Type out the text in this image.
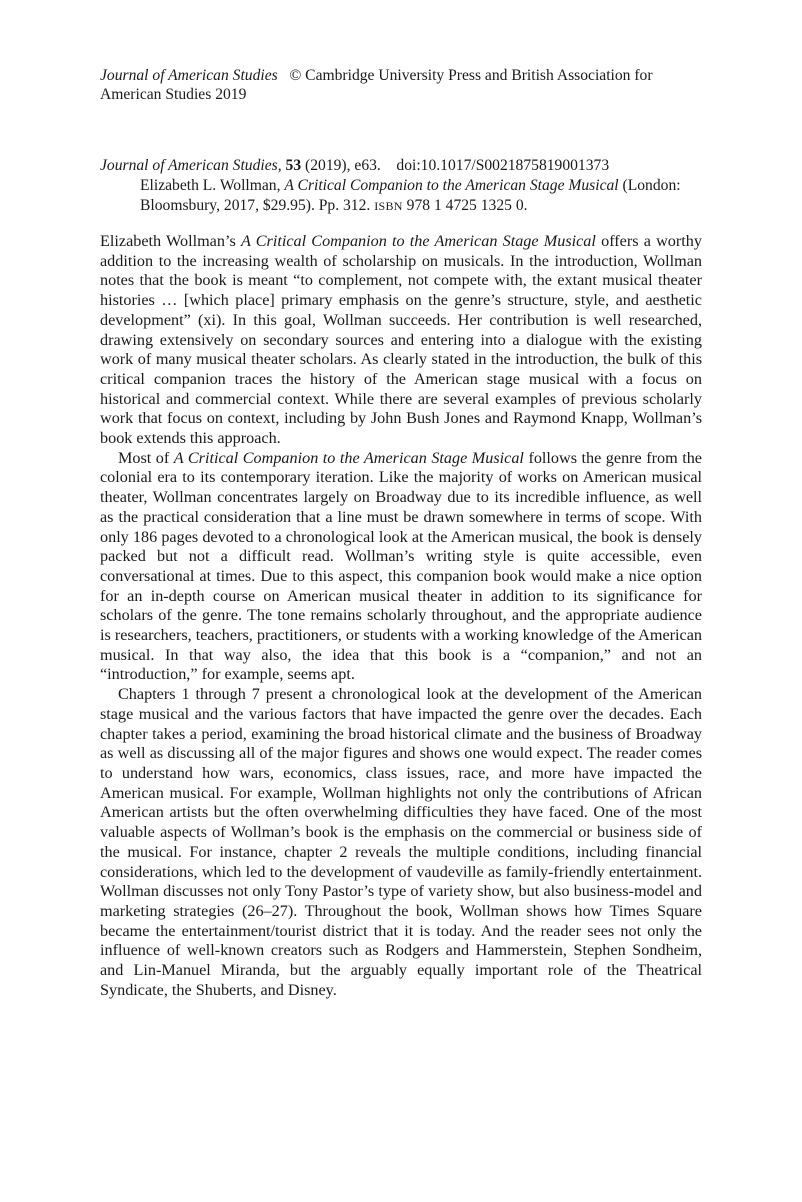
Journal of American Studies © Cambridge University Press and British Association for American Studies 2019

Journal of American Studies, 53 (2019), e63. doi:10.1017/S0021875819001373

Elizabeth L. Wollman, A Critical Companion to the American Stage Musical (London: Bloomsbury, 2017, $29.95). Pp. 312. ISBN 978 1 4725 1325 0.

Elizabeth Wollman’s A Critical Companion to the American Stage Musical offers a worthy addition to the increasing wealth of scholarship on musicals. In the introduction, Wollman notes that the book is meant “to complement, not compete with, the extant musical theater histories … [which place] primary emphasis on the genre’s structure, style, and aesthetic development” (xi). In this goal, Wollman succeeds. Her contribution is well researched, drawing extensively on secondary sources and entering into a dialogue with the existing work of many musical theater scholars. As clearly stated in the introduction, the bulk of this critical companion traces the history of the American stage musical with a focus on historical and commercial context. While there are several examples of previous scholarly work that focus on context, including by John Bush Jones and Raymond Knapp, Wollman’s book extends this approach.

Most of A Critical Companion to the American Stage Musical follows the genre from the colonial era to its contemporary iteration. Like the majority of works on American musical theater, Wollman concentrates largely on Broadway due to its incredible influence, as well as the practical consideration that a line must be drawn somewhere in terms of scope. With only 186 pages devoted to a chronological look at the American musical, the book is densely packed but not a difficult read. Wollman’s writing style is quite accessible, even conversational at times. Due to this aspect, this companion book would make a nice option for an in-depth course on American musical theater in addition to its significance for scholars of the genre. The tone remains scholarly throughout, and the appropriate audience is researchers, teachers, practitioners, or students with a working knowledge of the American musical. In that way also, the idea that this book is a “companion,” and not an “introduction,” for example, seems apt.

Chapters 1 through 7 present a chronological look at the development of the American stage musical and the various factors that have impacted the genre over the decades. Each chapter takes a period, examining the broad historical climate and the business of Broadway as well as discussing all of the major figures and shows one would expect. The reader comes to understand how wars, economics, class issues, race, and more have impacted the American musical. For example, Wollman highlights not only the contributions of African American artists but the often overwhelming difficulties they have faced. One of the most valuable aspects of Wollman’s book is the emphasis on the commercial or business side of the musical. For instance, chapter 2 reveals the multiple conditions, including financial considerations, which led to the development of vaudeville as family-friendly entertainment. Wollman discusses not only Tony Pastor’s type of variety show, but also business-model and marketing strategies (26–27). Throughout the book, Wollman shows how Times Square became the entertainment/tourist district that it is today. And the reader sees not only the influence of well-known creators such as Rodgers and Hammerstein, Stephen Sondheim, and Lin-Manuel Miranda, but the arguably equally important role of the Theatrical Syndicate, the Shuberts, and Disney.
